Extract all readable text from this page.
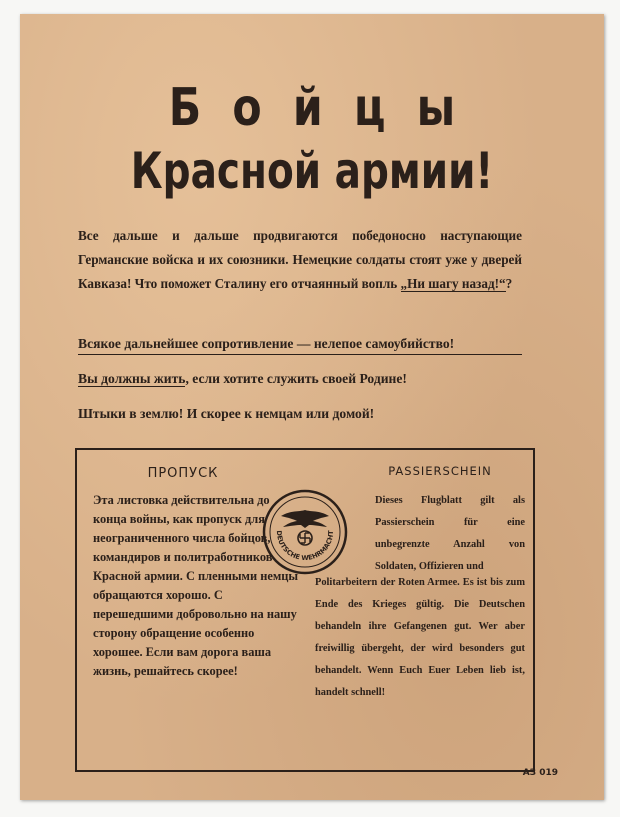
Бойцы
Красной армии!
Все дальше и дальше продвигаются победоносно наступающие Германские войска и их союзники. Немецкие солдаты стоят уже у дверей Кавказа! Что поможет Сталину его отчаянный вопль „Ни шагу назад!“?
Всякое дальнейшее сопротивление — нелепое самоубийство!
Вы должны жить, если хотите служить своей Родине!
Штыки в землю! И скорее к немцам или домой!
ПРОПУСК
Эта листовка действительна до конца войны, как пропуск для неограниченного числа бойцов, командиров и политработников Красной армии. С пленными немцы обращаются хорошо. С перешедшими добровольно на нашу сторону обращение особенно хорошее. Если вам дорога ваша жизнь, решайтесь скорее!
DEUTSCHE WEHRMACHT
PASSIERSCHEIN
Dieses Flugblatt gilt als Passierschein für eine unbegrenzte Anzahl von Soldaten, Offizieren und
Politarbeitern der Roten Armee. Es ist bis zum Ende des Krieges gültig. Die Deutschen behandeln ihre Gefangenen gut. Wer aber freiwillig übergeht, der wird besonders gut behandelt. Wenn Euch Euer Leben lieb ist, handelt schnell!
АЗ 019
